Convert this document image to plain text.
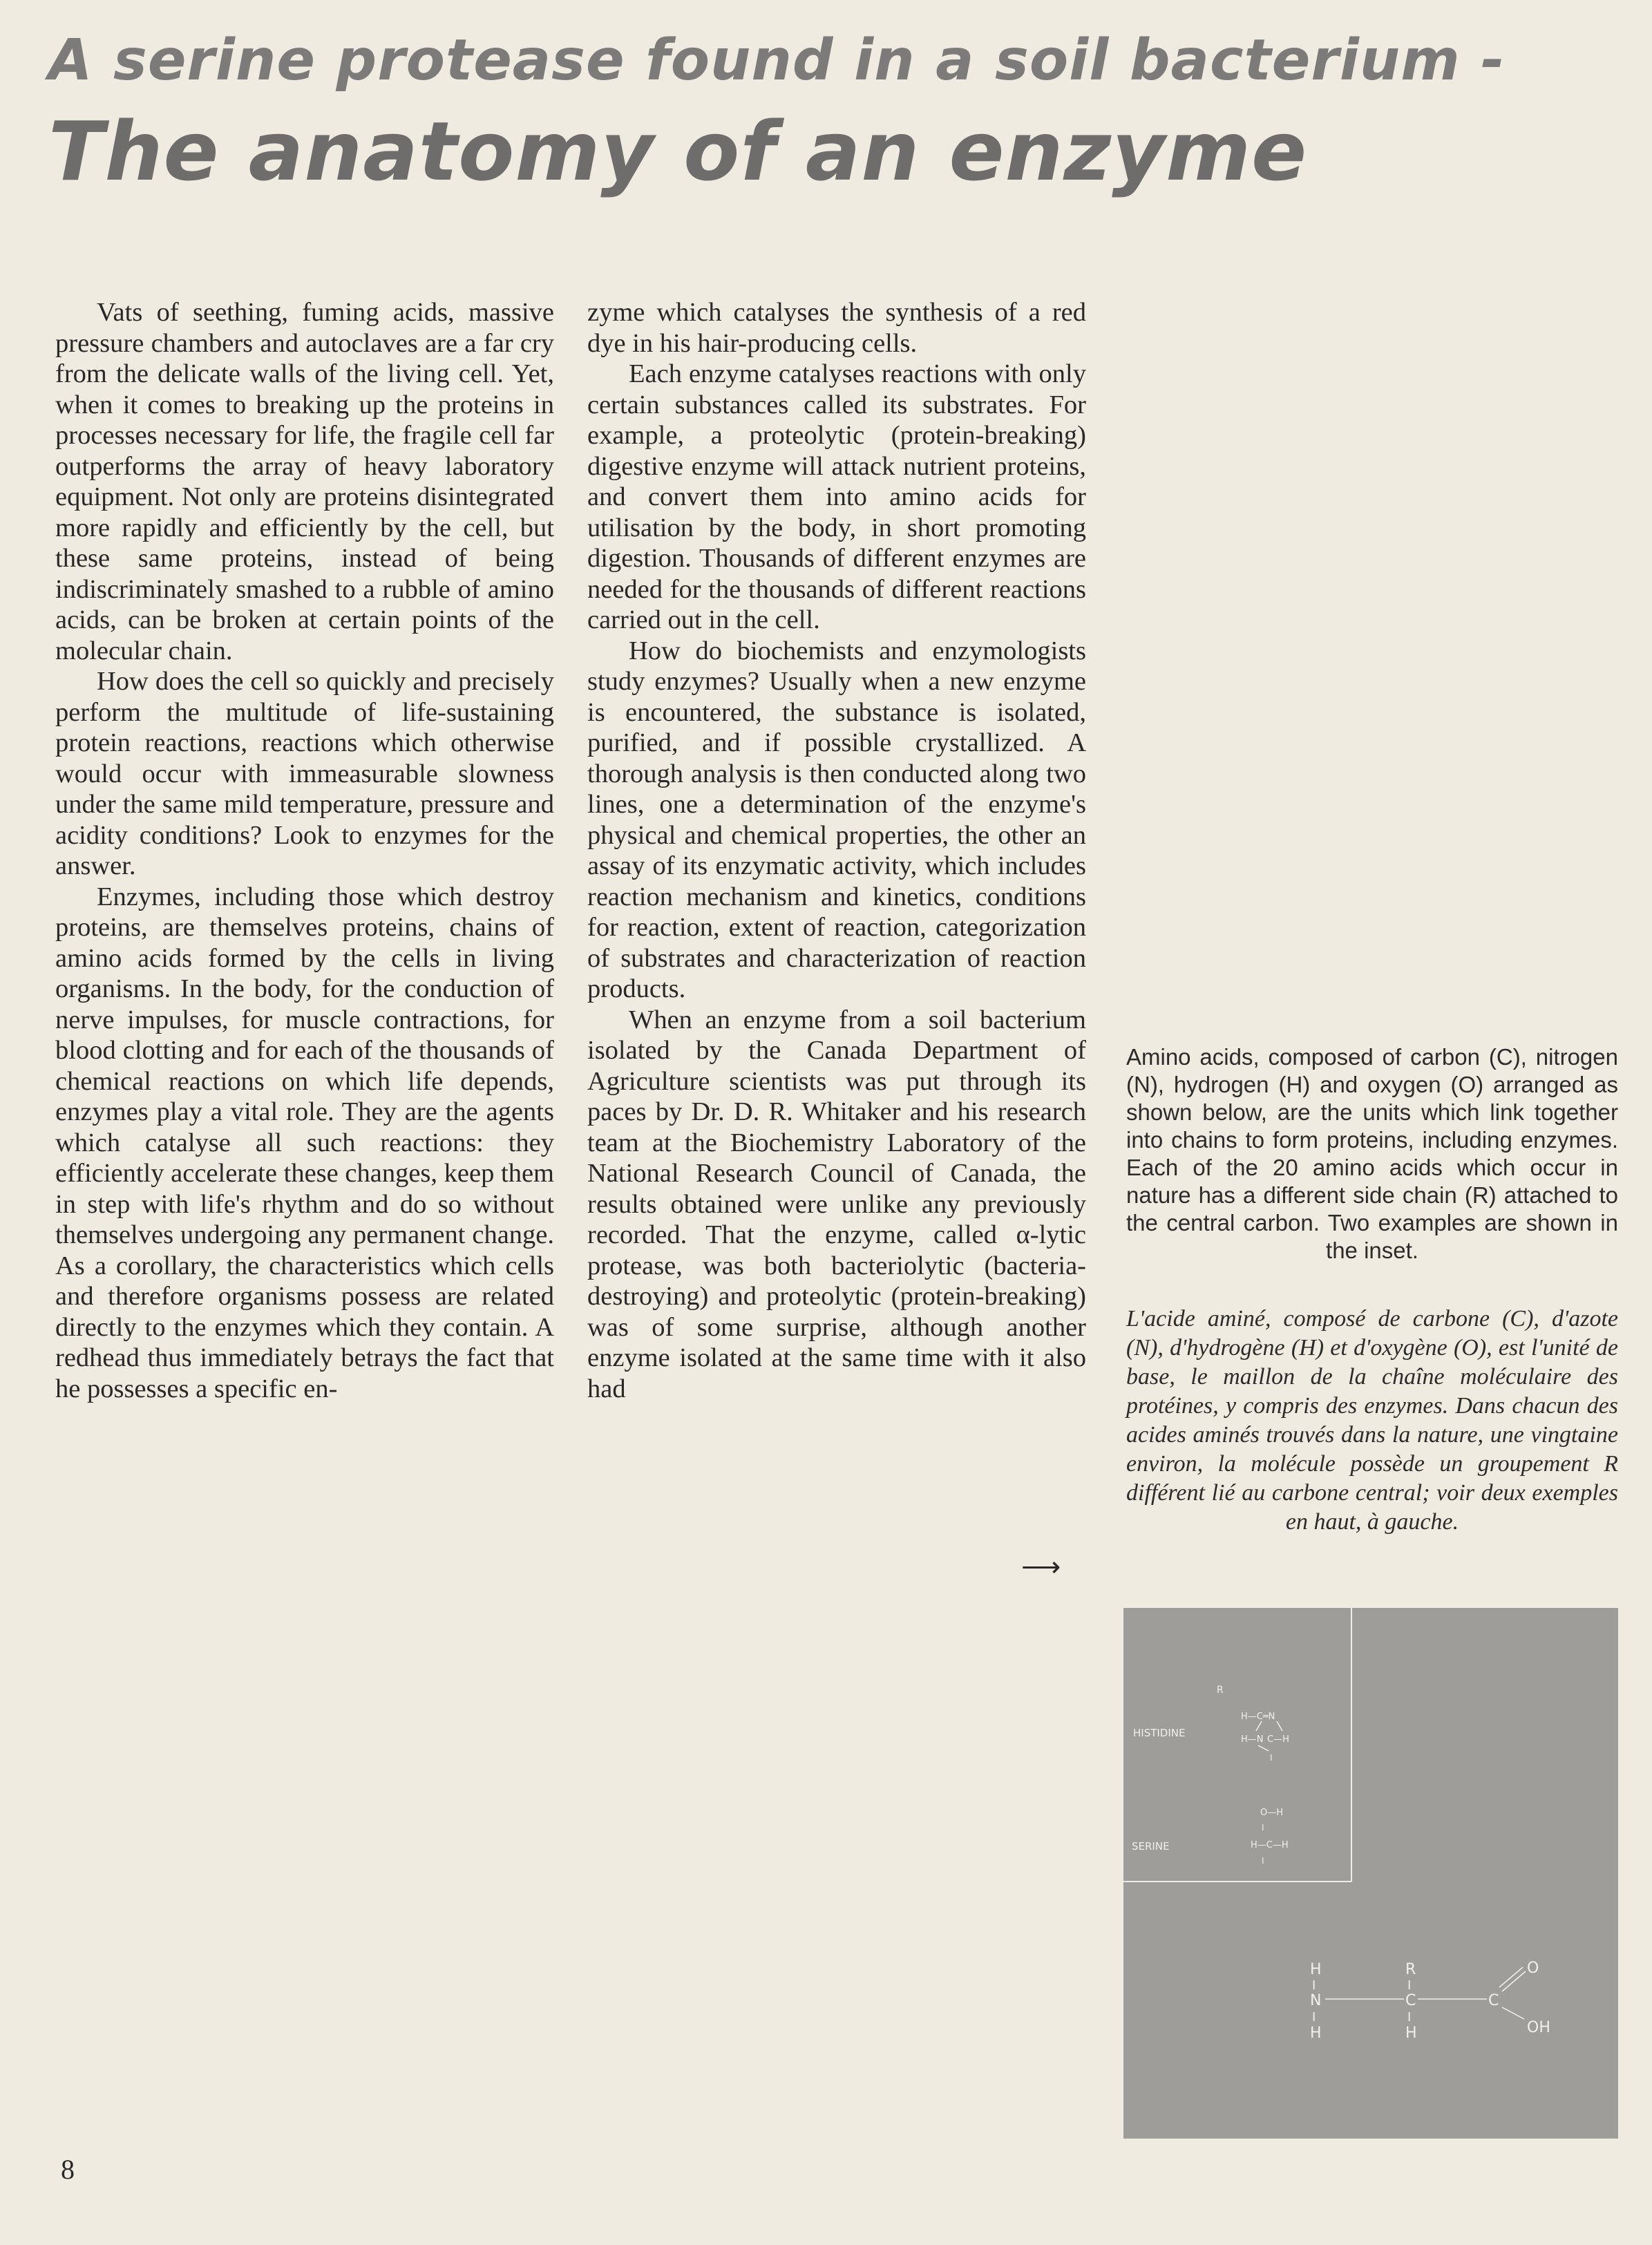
A serine protease found in a soil bacterium -
The anatomy of an enzyme

Vats of seething, fuming acids, massive pressure chambers and autoclaves are a far cry from the delicate walls of the living cell. Yet, when it comes to breaking up the proteins in processes necessary for life, the fragile cell far outperforms the array of heavy laboratory equipment. Not only are proteins disintegrated more rapidly and efficiently by the cell, but these same proteins, instead of being indiscriminately smashed to a rubble of amino acids, can be broken at certain points of the molecular chain.

How does the cell so quickly and precisely perform the multitude of life-sustaining protein reactions, reactions which otherwise would occur with immeasurable slowness under the same mild temperature, pressure and acidity conditions? Look to enzymes for the answer.

Enzymes, including those which destroy proteins, are themselves proteins, chains of amino acids formed by the cells in living organisms. In the body, for the conduction of nerve impulses, for muscle contractions, for blood clotting and for each of the thousands of chemical reactions on which life depends, enzymes play a vital role. They are the agents which catalyse all such reactions: they efficiently accelerate these changes, keep them in step with life's rhythm and do so without themselves undergoing any permanent change. As a corollary, the characteristics which cells and therefore organisms possess are related directly to the enzymes which they contain. A redhead thus immediately betrays the fact that he possesses a specific en-

zyme which catalyses the synthesis of a red dye in his hair-producing cells.

Each enzyme catalyses reactions with only certain substances called its substrates. For example, a proteolytic (protein-breaking) digestive enzyme will attack nutrient proteins, and convert them into amino acids for utilisation by the body, in short promoting digestion. Thousands of different enzymes are needed for the thousands of different reactions carried out in the cell.

How do biochemists and enzymologists study enzymes? Usually when a new enzyme is encountered, the substance is isolated, purified, and if possible crystallized. A thorough analysis is then conducted along two lines, one a determination of the enzyme's physical and chemical properties, the other an assay of its enzymatic activity, which includes reaction mechanism and kinetics, conditions for reaction, extent of reaction, categorization of substrates and characterization of reaction products.

When an enzyme from a soil bacterium isolated by the Canada Department of Agriculture scientists was put through its paces by Dr. D. R. Whitaker and his research team at the Biochemistry Laboratory of the National Research Council of Canada, the results obtained were unlike any previously recorded. That the enzyme, called α-lytic protease, was both bacteriolytic (bacteria-destroying) and proteolytic (protein-breaking) was of some surprise, although another enzyme isolated at the same time with it also had

⟶
Amino acids, composed of carbon (C), nitrogen (N), hydrogen (H) and oxygen (O) arranged as shown below, are the units which link together into chains to form proteins, including enzymes. Each of the 20 amino acids which occur in nature has a different side chain (R) attached to the central carbon. Two examples are shown in the inset.
L'acide aminé, composé de carbone (C), d'azote (N), d'hydrogène (H) et d'oxygène (O), est l'unité de base, le maillon de la chaîne moléculaire des protéines, y compris des enzymes. Dans chacun des acides aminés trouvés dans la nature, une vingtaine environ, la molécule possède un groupement R différent lié au carbone central; voir deux exemples en haut, à gauche.
R
HISTIDINE
H—C═N
H—N C—H
I
SERINE
O—H
I
H—C—H
I
H
I
N
I
H
R
I
C
I
H
C
O
OH
8
